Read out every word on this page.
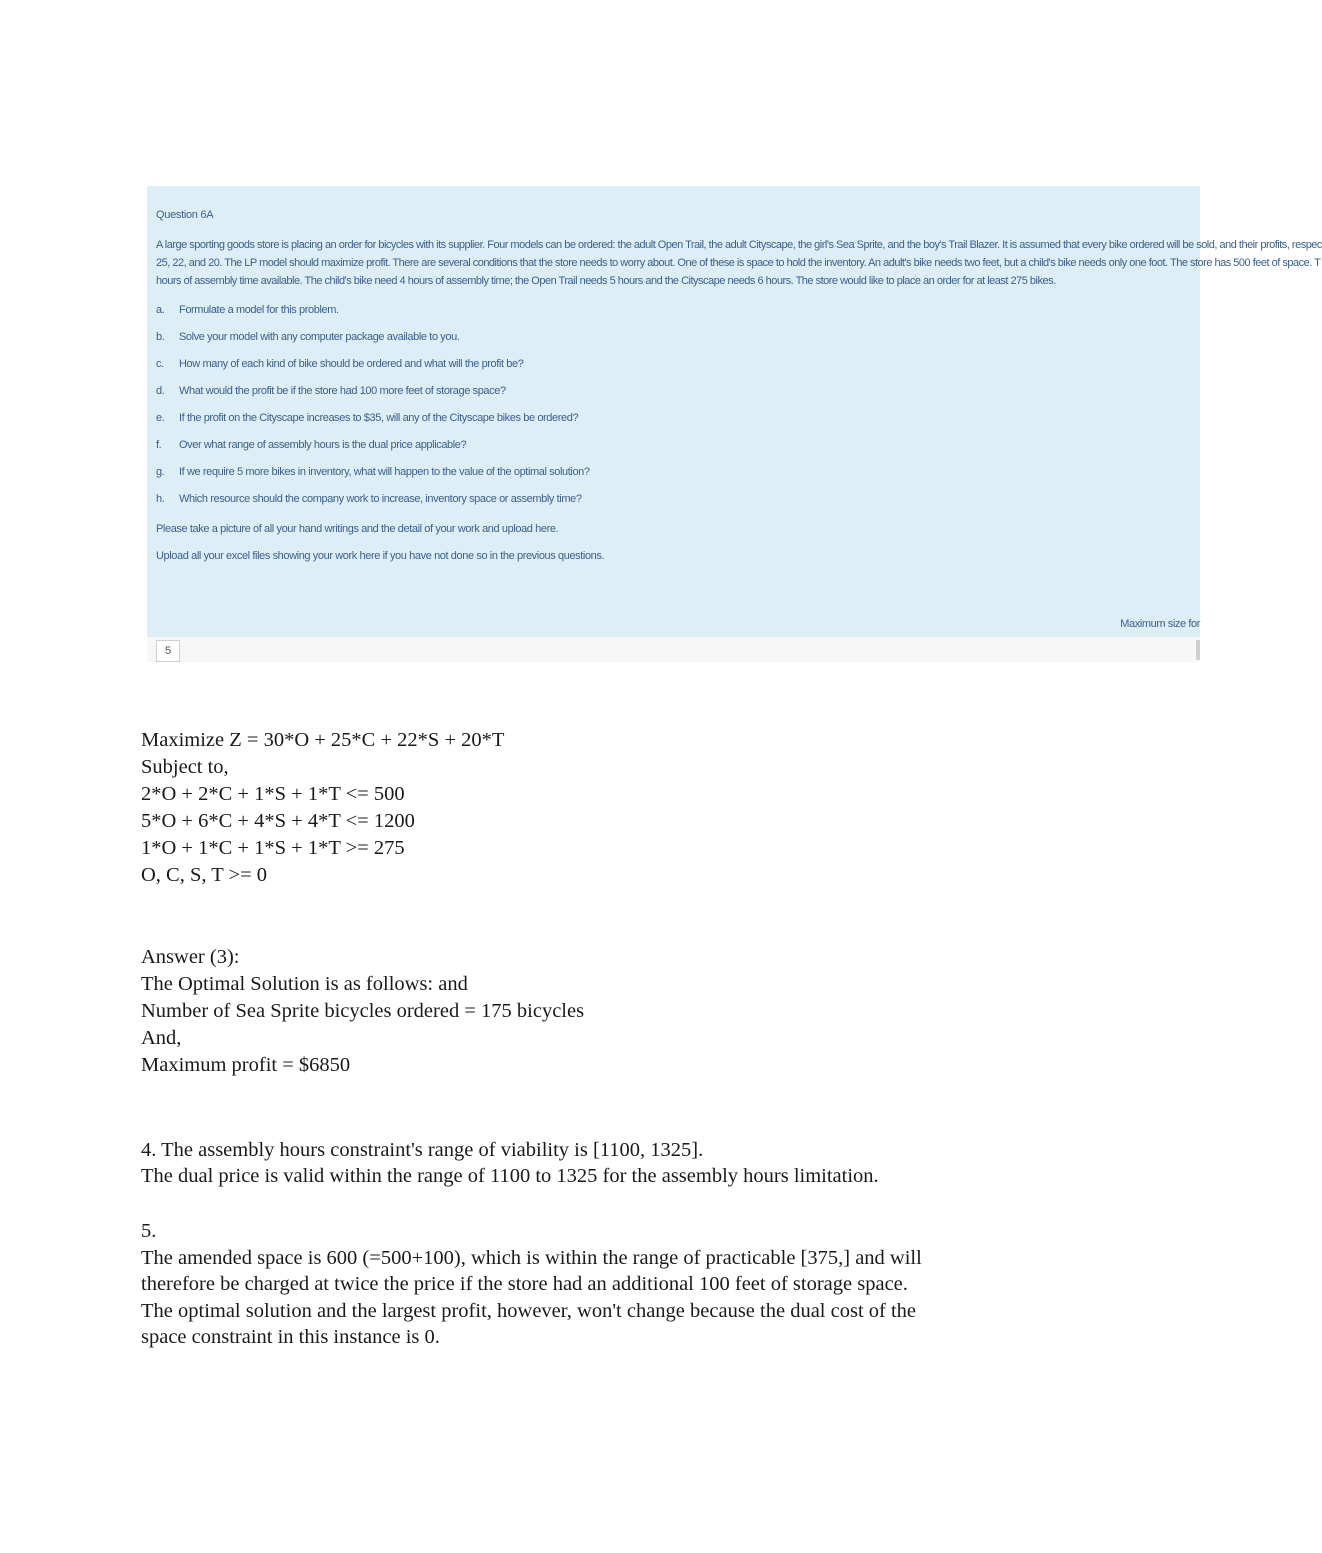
Question 6A
A large sporting goods store is placing an order for bicycles with its supplier. Four models can be ordered: the adult Open Trail, the adult Cityscape, the girl's Sea Sprite, and the boy's Trail Blazer. It is assumed that every bike ordered will be sold, and their profits, respec
25, 22, and 20. The LP model should maximize profit. There are several conditions that the store needs to worry about. One of these is space to hold the inventory. An adult's bike needs two feet, but a child's bike needs only one foot. The store has 500 feet of space. T
hours of assembly time available. The child's bike need 4 hours of assembly time; the Open Trail needs 5 hours and the Cityscape needs 6 hours. The store would like to place an order for at least 275 bikes.
a. Formulate a model for this problem.
b. Solve your model with any computer package available to you.
c. How many of each kind of bike should be ordered and what will the profit be?
d. What would the profit be if the store had 100 more feet of storage space?
e. If the profit on the Cityscape increases to $35, will any of the Cityscape bikes be ordered?
f. Over what range of assembly hours is the dual price applicable?
g. If we require 5 more bikes in inventory, what will happen to the value of the optimal solution?
h. Which resource should the company work to increase, inventory space or assembly time?
Please take a picture of all your hand writings and the detail of your work and upload here.
Upload all your excel files showing your work here if you have not done so in the previous questions.
Maximum size for
5

Maximize Z = 30*O + 25*C + 22*S + 20*T

Subject to,

2*O + 2*C + 1*S + 1*T <= 500

5*O + 6*C + 4*S + 4*T <= 1200

1*O + 1*C + 1*S + 1*T >= 275

O, C, S, T >= 0

Answer (3):

The Optimal Solution is as follows: and

Number of Sea Sprite bicycles ordered = 175 bicycles

And,

Maximum profit = $6850

4. The assembly hours constraint's range of viability is [1100, 1325].

The dual price is valid within the range of 1100 to 1325 for the assembly hours limitation.

5.

The amended space is 600 (=500+100), which is within the range of practicable [375,] and will

therefore be charged at twice the price if the store had an additional 100 feet of storage space.

The optimal solution and the largest profit, however, won't change because the dual cost of the

space constraint in this instance is 0.
